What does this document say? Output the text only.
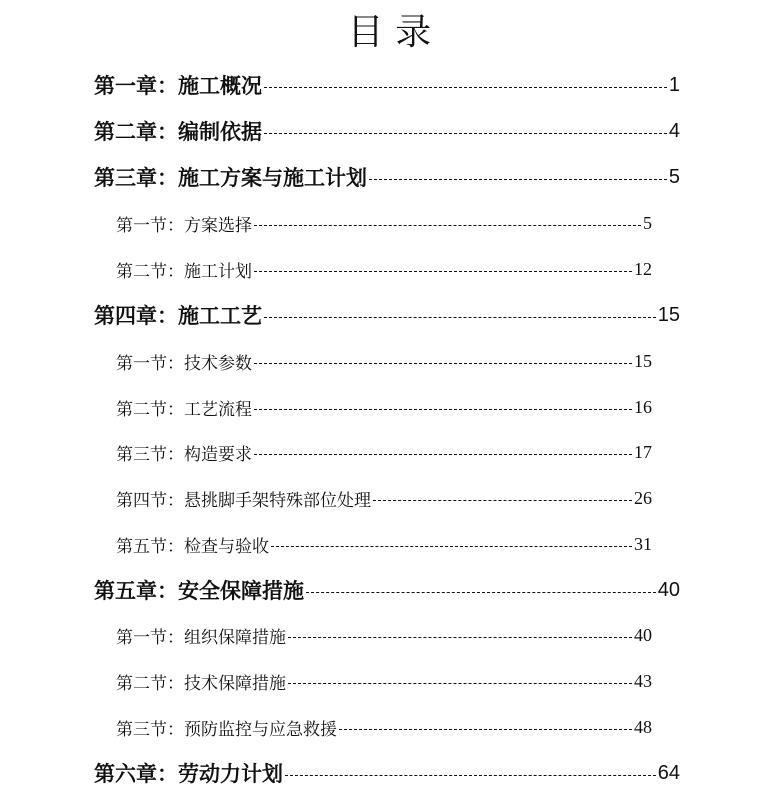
目 录
第一章：施工概况	1
第二章：编制依据	4
第三章：施工方案与施工计划	5
第一节：方案选择	5
第二节：施工计划	12
第四章：施工工艺	15
第一节：技术参数	15
第二节：工艺流程	16
第三节：构造要求	17
第四节：悬挑脚手架特殊部位处理	26
第五节：检查与验收	31
第五章：安全保障措施	40
第一节：组织保障措施	40
第二节：技术保障措施	43
第三节：预防监控与应急救援	48
第六章：劳动力计划	64
